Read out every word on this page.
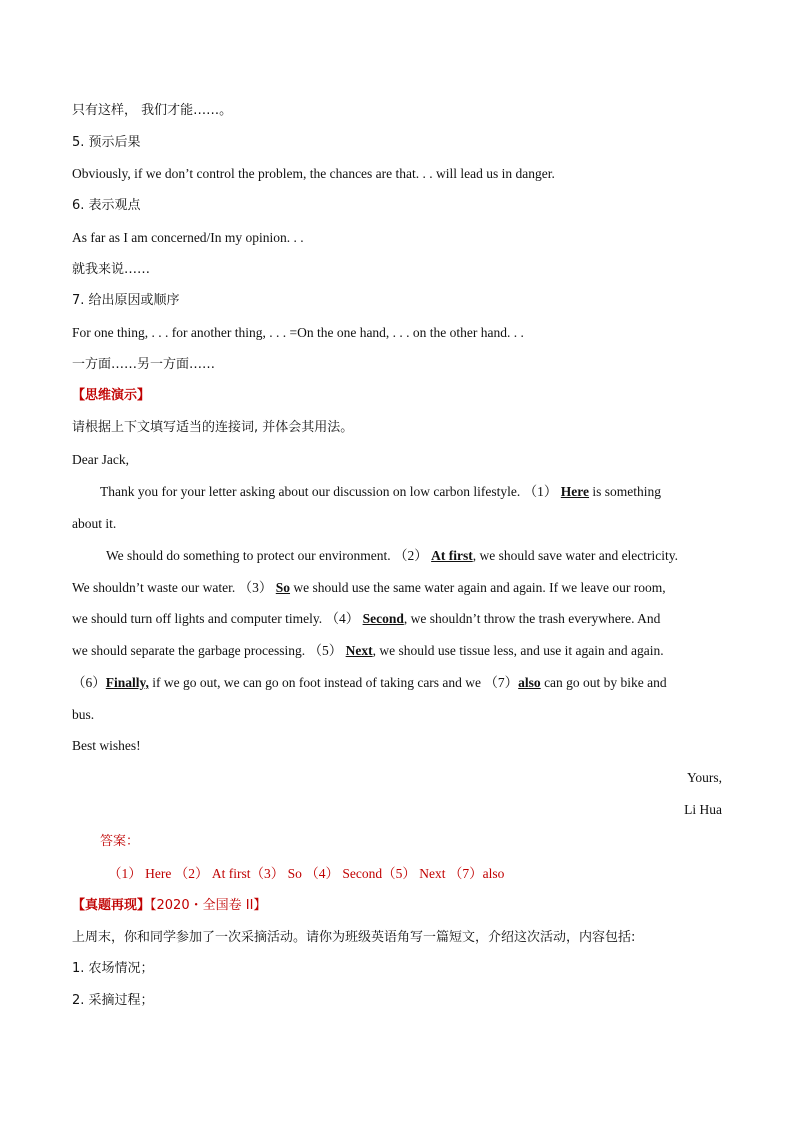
只有这样， 我们才能……。
5. 预示后果
Obviously, if we don’t control the problem, the chances are that. . . will lead us in danger.
6. 表示观点
As far as I am concerned/In my opinion. . .
就我来说……
7. 给出原因或顺序
For one thing, . . . for another thing, . . . =On the one hand, . . . on the other hand. . .
一方面……另一方面……
【思维演示】
请根据上下文填写适当的连接词, 并体会其用法。
Dear Jack,
Thank you for your letter asking about our discussion on low carbon lifestyle. （1） Here is something
about it.
We should do something to protect our environment. （2） At first, we should save water and electricity.
We shouldn’t waste our water. （3） So we should use the same water again and again. If we leave our room,
we should turn off lights and computer timely. （4） Second, we shouldn’t throw the trash everywhere. And
we should separate the garbage processing. （5） Next, we should use tissue less, and use it again and again.
（6）Finally, if we go out, we can go on foot instead of taking cars and we （7）also can go out by bike and
bus.
Best wishes!
Yours,
Li Hua
答案：
（1） Here （2） At first（3） So （4） Second（5） Next （7）also
【真题再现】【2020・全国卷 II】
上周末，你和同学参加了一次采摘活动。请你为班级英语角写一篇短文，介绍这次活动，内容包括:
1. 农场情况；
2. 采摘过程；
